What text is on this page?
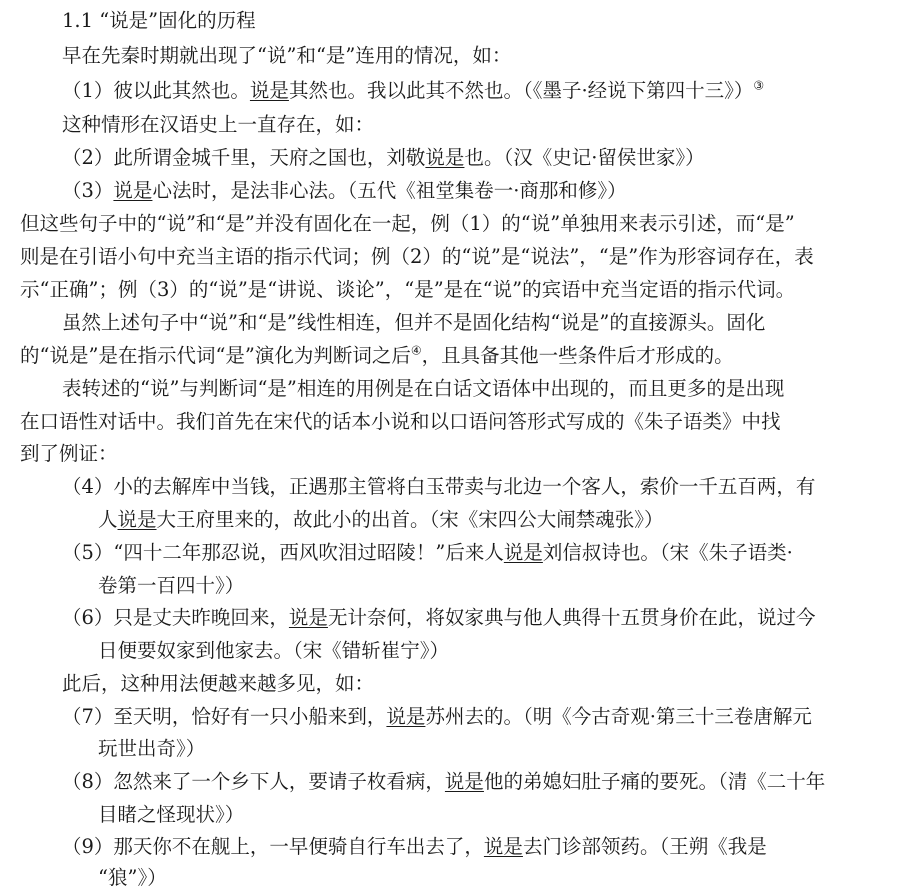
1.1 “说是”固化的历程
早在先秦时期就出现了“说”和“是”连用的情况，如：
（1）彼以此其然也。说是其然也。我以此其不然也。（《墨子·经说下第四十三》）③
这种情形在汉语史上一直存在，如：
（2）此所谓金城千里，天府之国也，刘敬说是也。（汉《史记·留侯世家》）
（3）说是心法时，是法非心法。（五代《祖堂集卷一·商那和修》）
但这些句子中的“说”和“是”并没有固化在一起，例（1）的“说”单独用来表示引述，而“是”
则是在引语小句中充当主语的指示代词；例（2）的“说”是“说法”，“是”作为形容词存在，表
示“正确”；例（3）的“说”是“讲说、谈论”，“是”是在“说”的宾语中充当定语的指示代词。
虽然上述句子中“说”和“是”线性相连，但并不是固化结构“说是”的直接源头。固化
的“说是”是在指示代词“是”演化为判断词之后④，且具备其他一些条件后才形成的。
表转述的“说”与判断词“是”相连的用例是在白话文语体中出现的，而且更多的是出现
在口语性对话中。我们首先在宋代的话本小说和以口语问答形式写成的《朱子语类》中找
到了例证：
（4）小的去解库中当钱，正遇那主管将白玉带卖与北边一个客人，索价一千五百两，有
人说是大王府里来的，故此小的出首。（宋《宋四公大闹禁魂张》）
（5）“四十二年那忍说，西风吹泪过昭陵！”后来人说是刘信叔诗也。（宋《朱子语类·
卷第一百四十》）
（6）只是丈夫昨晚回来，说是无计奈何，将奴家典与他人典得十五贯身价在此，说过今
日便要奴家到他家去。（宋《错斩崔宁》）
此后，这种用法便越来越多见，如：
（7）至天明，恰好有一只小船来到，说是苏州去的。（明《今古奇观·第三十三卷唐解元
玩世出奇》）
（8）忽然来了一个乡下人，要请子枚看病，说是他的弟媳妇肚子痛的要死。（清《二十年
目睹之怪现状》）
（9）那天你不在舰上，一早便骑自行车出去了，说是去门诊部领药。（王朔《我是
“狼”》）
